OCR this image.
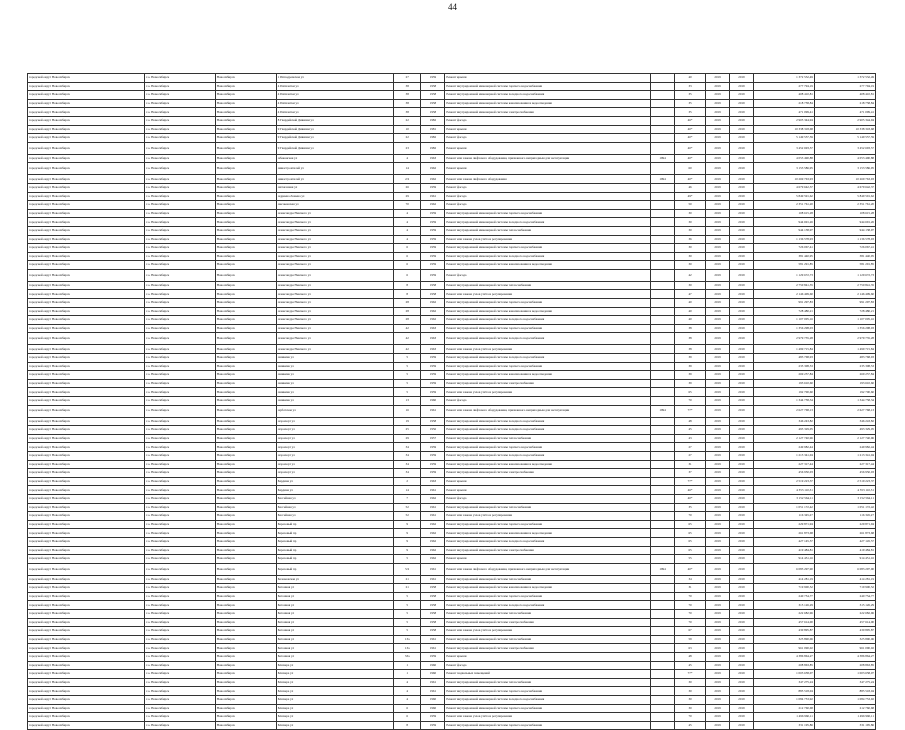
44
городской округ Новосибирск	г.о. Новосибирск	Новосибирск	1 Ипподромская ул	27	1959	Ремонт крыши		40	2019	2019	1 372 532,49	1 372 532,49
городской округ Новосибирск	г.о. Новосибирск	Новосибирск	4 Пятилетки ул	38	1958	Ремонт внутридомовой инженерной системы горячего водоснабжения		33	2019	2019	277 794,19	277 794,19
городской округ Новосибирск	г.о. Новосибирск	Новосибирск	4 Пятилетки ул	38	1958	Ремонт внутридомовой инженерной системы холодного водоснабжения		35	2019	2019	408 410,81	408 410,81
городской округ Новосибирск	г.о. Новосибирск	Новосибирск	4 Пятилетки ул	38	1958	Ремонт внутридомовой инженерной системы канализования и водоотведения		35	2019	2019	218 758,84	218 758,84
городской округ Новосибирск	г.о. Новосибирск	Новосибирск	4 Пятилетки ул	38	1958	Ремонт внутридомовой инженерной системы электроснабжения		35	2019	2019	471 099,41	471 099,41
городской округ Новосибирск	г.о. Новосибирск	Новосибирск	8 Гвардейской Дивизии ул	22	1982	Ремонт фасада		46*	2019	2019	2 905 344,94	2 905 344,94
городской округ Новосибирск	г.о. Новосибирск	Новосибирск	9 Гвардейской Дивизии ул	10	1981	Ремонт крыши		40*	2019	2019	10 338 318,68	10 338 318,68
городской округ Новосибирск	г.о. Новосибирск	Новосибирск	9 Гвардейской Дивизии ул	22	1982	Ремонт фасада		40*	2019	2019	5 149 557,59	5 149 557,59
городской округ Новосибирск	г.о. Новосибирск	Новосибирск	9 Гвардейской Дивизии ул	23	1982	Ремонт крыши		40*	2019	2019	3 452 693,57	3 452 693,57
городской округ Новосибирск	г.о. Новосибирск	Новосибирск	Абаканская ул	4	1963	Ремонт или замена лифтового оборудования, признанного непригодным для эксплуатации	1994	40*	2019	2019	4 053 490,88	4 053 490,88
городской округ Новосибирск	г.о. Новосибирск	Новосибирск	Авиастроителей ул	14	1962	Ремонт крыши		60	2019	2019	3 153 586,95	3 153 586,95
городской округ Новосибирск	г.о. Новосибирск	Новосибирск	Авиастроителей ул	2/2	1962	Ремонт или замена лифтового оборудования	1994	40*	2019	2019	10 269 763,93	10 269 763,93
городской округ Новосибирск	г.о. Новосибирск	Новосибирск	Автогенная ул	26	1959	Ремонт фасада		46	2019	2019	4 679 642,37	4 679 642,37
городской округ Новосибирск	г.о. Новосибирск	Новосибирск	Адриена Лежена ул	29	1961	Ремонт фасада		49*	2019	2019	5 849 591,62	5 849 591,62
городской округ Новосибирск	г.о. Новосибирск	Новосибирск	Аксаковская ул	70	1962	Ремонт фасада		50	2019	2019	2 351 761,20	2 351 761,20
городской округ Новосибирск	г.о. Новосибирск	Новосибирск	Александра Невского ул	4	1959	Ремонт внутридомовой инженерной системы горячего водоснабжения		30	2019	2019	108 615,28	108 615,28
городской округ Новосибирск	г.о. Новосибирск	Новосибирск	Александра Невского ул	4	1959	Ремонт внутридомовой инженерной системы холодного водоснабжения		30	2019	2019	944 691,26	944 691,26
городской округ Новосибирск	г.о. Новосибирск	Новосибирск	Александра Невского ул	4	1959	Ремонт внутридомовой инженерной системы теплоснабжения		30	2019	2019	944 138,97	944 138,97
городской округ Новосибирск	г.о. Новосибирск	Новосибирск	Александра Невского ул	4	1959	Ремонт или замена узлов учёта и регулирования		36	2019	2019	1 136 578,93	1 136 578,93
городской округ Новосибирск	г.о. Новосибирск	Новосибирск	Александра Невского ул	6	1959	Ремонт внутридомовой инженерной системы горячего водоснабжения		30	2019	2019	726 067,41	726 067,41
городской округ Новосибирск	г.о. Новосибирск	Новосибирск	Александра Невского ул	6	1959	Ремонт внутридомовой инженерной системы холодного водоснабжения		30	2019	2019	381 440,95	381 440,95
городской округ Новосибирск	г.о. Новосибирск	Новосибирск	Александра Невского ул	6	1959	Ремонт внутридомовой инженерной системы канализования и водоотведения		30	2019	2019	581 291,85	581 291,85
городской округ Новосибирск	г.о. Новосибирск	Новосибирск	Александра Невского ул	6	1959	Ремонт фасада		42	2019	2019	1 129 672,73	1 129 672,73
городской округ Новосибирск	г.о. Новосибирск	Новосибирск	Александра Невского ул	8	1958	Ремонт внутридомовой инженерной системы теплоснабжения		30	2019	2019	2 750 841,35	2 750 841,35
городской округ Новосибирск	г.о. Новосибирск	Новосибирск	Александра Невского ул	8	1958	Ремонт или замена узлов учёта и регулирования		47	2019	2019	2 146 409,60	2 146 409,60
городской округ Новосибирск	г.о. Новосибирск	Новосибирск	Александра Невского ул	28	1962	Ремонт внутридомовой инженерной системы горячего водоснабжения		40	2019	2019	991 297,83	991 297,83
городской округ Новосибирск	г.о. Новосибирск	Новосибирск	Александра Невского ул	28	1962	Ремонт внутридомовой инженерной системы канализования и водоотведения		40	2019	2019	728 480,21	728 480,21
городской округ Новосибирск	г.о. Новосибирск	Новосибирск	Александра Невского ул	28	1962	Ремонт внутридомовой инженерной системы холодного водоснабжения		40	2019	2019	1 107 005,16	1 107 005,16
городской округ Новосибирск	г.о. Новосибирск	Новосибирск	Александра Невского ул	42	1963	Ремонт внутридомовой инженерной системы горячего водоснабжения		38	2019	2019	1 356 298,03	1 356 298,03
городской округ Новосибирск	г.о. Новосибирск	Новосибирск	Александра Невского ул	42	1963	Ремонт внутридомовой инженерной системы холодного водоснабжения		38	2019	2019	2 979 735,28	2 979 735,28
городской округ Новосибирск	г.о. Новосибирск	Новосибирск	Александра Невского ул	42	1963	Ремонт или замена узлов учёта и регулирования		38	2019	2019	1 499 715,84	1 499 715,84
городской округ Новосибирск	г.о. Новосибирск	Новосибирск	Аникина ул	5	1959	Ремонт внутридомовой инженерной системы холодного водоснабжения		39	2019	2019	483 768,93	483 768,93
городской округ Новосибирск	г.о. Новосибирск	Новосибирск	Аникина ул	5	1959	Ремонт внутридомовой инженерной системы горячего водоснабжения		39	2019	2019	235 308,53	235 308,53
городской округ Новосибирск	г.о. Новосибирск	Новосибирск	Аникина ул	5	1959	Ремонт внутридомовой инженерной системы канализования и водоотведения		39	2019	2019	269 257,84	269 257,84
городской округ Новосибирск	г.о. Новосибирск	Новосибирск	Аникина ул	5	1959	Ремонт внутридомовой инженерной системы электроснабжения		39	2019	2019	193 610,60	193 610,60
городской округ Новосибирск	г.о. Новосибирск	Новосибирск	Аникина ул	5	1959	Ремонт или замена узлов учёта и регулирования		65	2019	2019	192 700,60	192 700,60
городской округ Новосибирск	г.о. Новосибирск	Новосибирск	Аникина ул	13	1960	Ремонт фасада		70	2019	2019	1 344 758,34	1 344 758,34
городской округ Новосибирск	г.о. Новосибирск	Новосибирск	Арбатская ул	16	1961	Ремонт или замена лифтового оборудования, признанного непригодным для эксплуатации	1994	77*	2019	2019	2 627 768,13	2 627 768,13
городской округ Новосибирск	г.о. Новосибирск	Новосибирск	Аэропорт ул	19	1958	Ремонт внутридомовой инженерной системы холодного водоснабжения		48	2019	2019	346 243,82	346 243,82
городской округ Новосибирск	г.о. Новосибирск	Новосибирск	Аэропорт ул	25	1956	Ремонт внутридомовой инженерной системы холодного водоснабжения		45	2019	2019	493 329,05	493 329,05
городской округ Новосибирск	г.о. Новосибирск	Новосибирск	Аэропорт ул	29	1957	Ремонт внутридомовой инженерной системы теплоснабжения		43	2019	2019	2 127 740,96	2 127 740,96
городской округ Новосибирск	г.о. Новосибирск	Новосибирск	Аэропорт ул	34	1959	Ремонт внутридомовой инженерной системы горячего водоснабжения		27	2019	2019	249 982,44	249 982,44
городской округ Новосибирск	г.о. Новосибирск	Новосибирск	Аэропорт ул	34	1959	Ремонт внутридомовой инженерной системы холодного водоснабжения		27	2019	2019	1 213 341,04	1 213 341,04
городской округ Новосибирск	г.о. Новосибирск	Новосибирск	Аэропорт ул	34	1959	Ремонт внутридомовой инженерной системы канализования и водоотведения		31	2019	2019	227 317,44	227 317,44
городской округ Новосибирск	г.о. Новосибирск	Новосибирск	Аэропорт ул	34	1959	Ремонт внутридомовой инженерной системы электроснабжения		37	2019	2019	456 950,03	456 950,03
городской округ Новосибирск	г.о. Новосибирск	Новосибирск	Бардина ул	2	1963	Ремонт крыши		77*	2019	2019	2 519 223,37	2 519 223,37
городской округ Новосибирск	г.о. Новосибирск	Новосибирск	Бардина ул	14	1961	Ремонт крыши		46*	2019	2019	4 353 110,31	4 353 110,31
городской округ Новосибирск	г.о. Новосибирск	Новосибирск	Бассейная ул	7	1962	Ремонт фасада		40*	2019	2019	3 152 564,11	3 152 564,11
городской округ Новосибирск	г.о. Новосибирск	Новосибирск	Бассейная ул	52	1961	Ремонт внутридомовой инженерной системы теплоснабжения		35	2019	2019	1 051 172,42	1 051 172,42
городской округ Новосибирск	г.о. Новосибирск	Новосибирск	Бассейная ул	52	1961	Ремонт или замена узлов учёта и регулирования		70	2019	2019	116 345,27	116 345,27
городской округ Новосибирск	г.о. Новосибирск	Новосибирск	Березовый пр	9	1962	Ремонт внутридомовой инженерной системы горячего водоснабжения		65	2019	2019	229 871,94	229 871,94
городской округ Новосибирск	г.о. Новосибирск	Новосибирск	Березовый пр	9	1962	Ремонт внутридомовой инженерной системы канализования и водоотведения		65	2019	2019	261 873,68	261 873,68
городской округ Новосибирск	г.о. Новосибирск	Новосибирск	Березовый пр	9	1962	Ремонт внутридомовой инженерной системы холодного водоснабжения		65	2019	2019	427 145,57	427 145,57
городской округ Новосибирск	г.о. Новосибирск	Новосибирск	Березовый пр	9	1962	Ремонт внутридомовой инженерной системы электроснабжения		65	2019	2019	419 484,81	419 484,81
городской округ Новосибирск	г.о. Новосибирск	Новосибирск	Березовый пр	5	1962	Ремонт крыши		55	2019	2019	914 451,16	914 451,16
городской округ Новосибирск	г.о. Новосибирск	Новосибирск	Березовый пр	5/2	1961	Ремонт или замена лифтового оборудования, признанного непригодным для эксплуатации	1994	40*	2019	2019	6 083 297,90	6 083 297,90
городской округ Новосибирск	г.о. Новосибирск	Новосибирск	Беловежская ул	21	1961	Ремонт внутридомовой инженерной системы теплоснабжения		34	2019	2019	414 281,19	414 281,19
городской округ Новосибирск	г.о. Новосибирск	Новосибирск	Бетонная ул	21	1958	Ремонт внутридомовой инженерной системы канализования и водоотведения		31	2019	2019	719 900,52	719 900,52
городской округ Новосибирск	г.о. Новосибирск	Новосибирск	Бетонная ул	5	1958	Ремонт внутридомовой инженерной системы горячего водоснабжения		70	2019	2019	240 754,77	240 754,77
городской округ Новосибирск	г.о. Новосибирск	Новосибирск	Бетонная ул	5	1958	Ремонт внутридомовой инженерной системы холодного водоснабжения		70	2019	2019	315 126,29	315 126,29
городской округ Новосибирск	г.о. Новосибирск	Новосибирск	Бетонная ул	5	1958	Ремонт внутридомовой инженерной системы теплоснабжения		70	2019	2019	222 682,96	222 682,96
городской округ Новосибирск	г.о. Новосибирск	Новосибирск	Бетонная ул	5	1958	Ремонт внутридомовой инженерной системы электроснабжения		70	2019	2019	457 614,00	457 614,00
городской округ Новосибирск	г.о. Новосибирск	Новосибирск	Бетонная ул	5	1958	Ремонт или замена узлов учёта и регулирования		67	2019	2019	430 895,87	430 895,87
городской округ Новосибирск	г.о. Новосибирск	Новосибирск	Бетонная ул	13а	1961	Ремонт внутридомовой инженерной системы теплоснабжения		59	2019	2019	325 890,06	325 890,06
городской округ Новосибирск	г.о. Новосибирск	Новосибирск	Бетонная ул	13а	1961	Ремонт внутридомовой инженерной системы электроснабжения		63	2019	2019	961 090,02	961 090,02
городской округ Новосибирск	г.о. Новосибирск	Новосибирск	Бетонная ул	33а	1959	Ремонт крыши		48	2019	2019	4 386 864,27	4 386 864,27
городской округ Новосибирск	г.о. Новосибирск	Новосибирск	Блюхера ул	1	1960	Ремонт фасада		45	2019	2019	208 863,85	208 863,85
городской округ Новосибирск	г.о. Новосибирск	Новосибирск	Блюхера ул	1	1960	Ремонт подвальных помещений		77*	2019	2019	1 003 658,07	1 003 658,07
городской округ Новосибирск	г.о. Новосибирск	Новосибирск	Блюхера ул	4	1961	Ремонт внутридомовой инженерной системы теплоснабжения		30	2019	2019	347 275,24	347 275,24
городской округ Новосибирск	г.о. Новосибирск	Новосибирск	Блюхера ул	4	1961	Ремонт внутридомовой инженерной системы горячего водоснабжения		30	2019	2019	885 518,04	885 518,04
городской округ Новосибирск	г.о. Новосибирск	Новосибирск	Блюхера ул	4	1960	Ремонт внутридомовой инженерной системы холодного водоснабжения		30	2019	2019	1 084 753,92	1 084 753,92
городской округ Новосибирск	г.о. Новосибирск	Новосибирск	Блюхера ул	6	1960	Ремонт внутридомовой инженерной системы горячего водоснабжения		30	2019	2019	212 760,68	212 760,68
городской округ Новосибирск	г.о. Новосибирск	Новосибирск	Блюхера ул	6	1959	Ремонт или замена узлов учёта и регулирования		70	2019	2019	1 496 960,11	1 496 960,11
городской округ Новосибирск	г.о. Новосибирск	Новосибирск	Блюхера ул	8	1959	Ремонт внутридомовой инженерной системы горячего водоснабжения		45	2019	2019	331 195,86	331 195,86
